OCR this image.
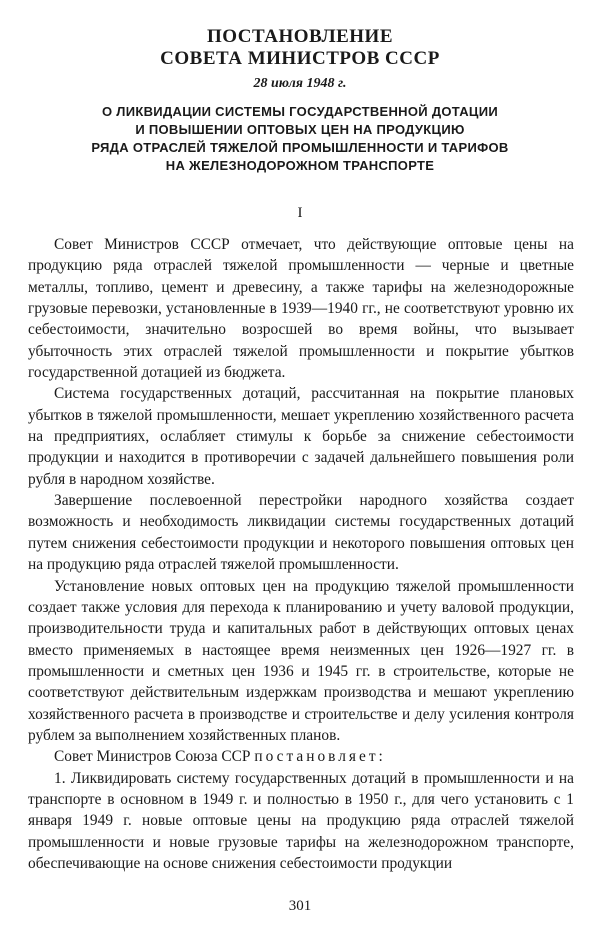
ПОСТАНОВЛЕНИЕ
СОВЕТА МИНИСТРОВ СССР
28 июля 1948 г.
О ЛИКВИДАЦИИ СИСТЕМЫ ГОСУДАРСТВЕННОЙ ДОТАЦИИ
И ПОВЫШЕНИИ ОПТОВЫХ ЦЕН НА ПРОДУКЦИЮ
РЯДА ОТРАСЛЕЙ ТЯЖЕЛОЙ ПРОМЫШЛЕННОСТИ И ТАРИФОВ
НА ЖЕЛЕЗНОДОРОЖНОМ ТРАНСПОРТЕ
I

Совет Министров СССР отмечает, что действующие оптовые цены на продукцию ряда отраслей тяжелой промышленности — черные и цветные металлы, топливо, цемент и древесину, а также тарифы на железнодорожные грузовые перевозки, установленные в 1939—1940 гг., не соответствуют уровню их себестоимости, значительно возросшей во время войны, что вызывает убыточность этих отраслей тяжелой промышленности и покрытие убытков государственной дотацией из бюджета.

Система государственных дотаций, рассчитанная на покрытие плановых убытков в тяжелой промышленности, мешает укреплению хозяйственного расчета на предприятиях, ослабляет стимулы к борьбе за снижение себестоимости продукции и находится в противоречии с задачей дальнейшего повышения роли рубля в народном хозяйстве.

Завершение послевоенной перестройки народного хозяйства создает возможность и необходимость ликвидации системы государственных дотаций путем снижения себестоимости продукции и некоторого повышения оптовых цен на продукцию ряда отраслей тяжелой промышленности.

Установление новых оптовых цен на продукцию тяжелой промышленности создает также условия для перехода к планированию и учету валовой продукции, производительности труда и капитальных работ в действующих оптовых ценах вместо применяемых в настоящее время неизменных цен 1926—1927 гг. в промышленности и сметных цен 1936 и 1945 гг. в строительстве, которые не соответствуют действительным издержкам производства и мешают укреплению хозяйственного расчета в производстве и строительстве и делу усиления контроля рублем за выполнением хозяйственных планов.

Совет Министров Союза ССР постановляет:

1. Ликвидировать систему государственных дотаций в промышленности и на транспорте в основном в 1949 г. и полностью в 1950 г., для чего установить с 1 января 1949 г. новые оптовые цены на продукцию ряда отраслей тяжелой промышленности и новые грузовые тарифы на железнодорожном транспорте, обеспечивающие на основе снижения себестоимости продукции

301
